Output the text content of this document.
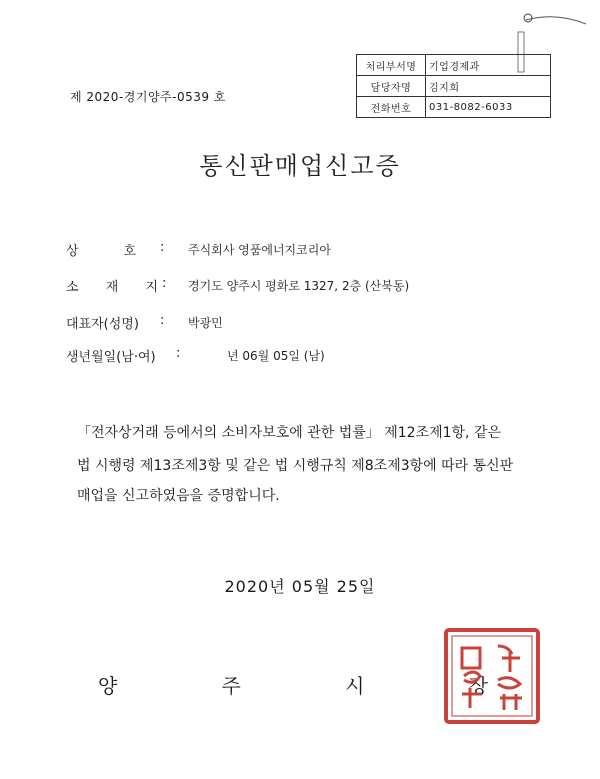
처리부서명	기업경제과
담당자명	김지희
전화번호	031-8082-6033
제 2020-경기양주-0539 호
통신판매업신고증
상	호 : 주식회사 영품에너지코리아
소 재 지 : 경기도 양주시 평화로 1327, 2층 (산북동)
대표자(성명) : 박광민
생년월일(남·여) :	년 06월 05일 (남)
「전자상거래 등에서의 소비자보호에 관한 법률」 제12조제1항, 같은
법 시행령 제13조제3항 및 같은 법 시행규칙 제8조제3항에 따라 통신판
매업을 신고하였음을 증명합니다.
2020년 05월 25일
양	주	시	장
